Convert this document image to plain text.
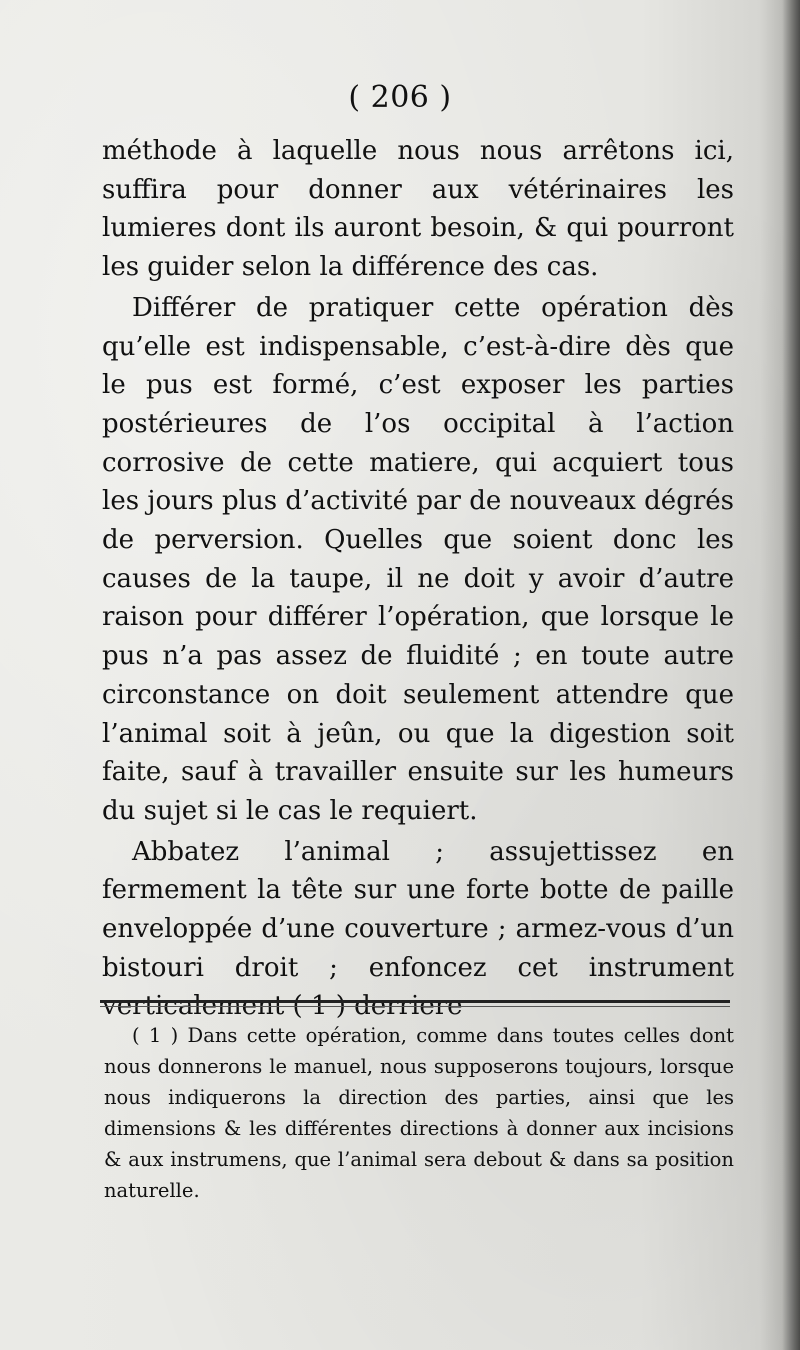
( 206 )

méthode à laquelle nous nous arrêtons ici, suffira pour donner aux vétérinaires les lumieres dont ils auront besoin, & qui pourront les guider selon la différence des cas.

Différer de pratiquer cette opération dès qu’elle est indispensable, c’est-à-dire dès que le pus est formé, c’est exposer les parties postérieures de l’os occipital à l’action corrosive de cette matiere, qui acquiert tous les jours plus d’activité par de nouveaux dégrés de perversion. Quelles que soient donc les causes de la taupe, il ne doit y avoir d’autre raison pour différer l’opération, que lorsque le pus n’a pas assez de fluidité ; en toute autre circonstance on doit seulement attendre que l’animal soit à jeûn, ou que la digestion soit faite, sauf à travailler ensuite sur les humeurs du sujet si le cas le requiert.

Abbatez l’animal ; assujettissez en fermement la tête sur une forte botte de paille enveloppée d’une couverture ; armez-vous d’un bistouri droit ; enfoncez cet instrument verticalement ( 1 ) derriere

( 1 ) Dans cette opération, comme dans toutes celles dont nous donnerons le manuel, nous supposerons toujours, lorsque nous indiquerons la direction des parties, ainsi que les dimensions & les différentes directions à donner aux incisions & aux instrumens, que l’animal sera debout & dans sa position naturelle.
